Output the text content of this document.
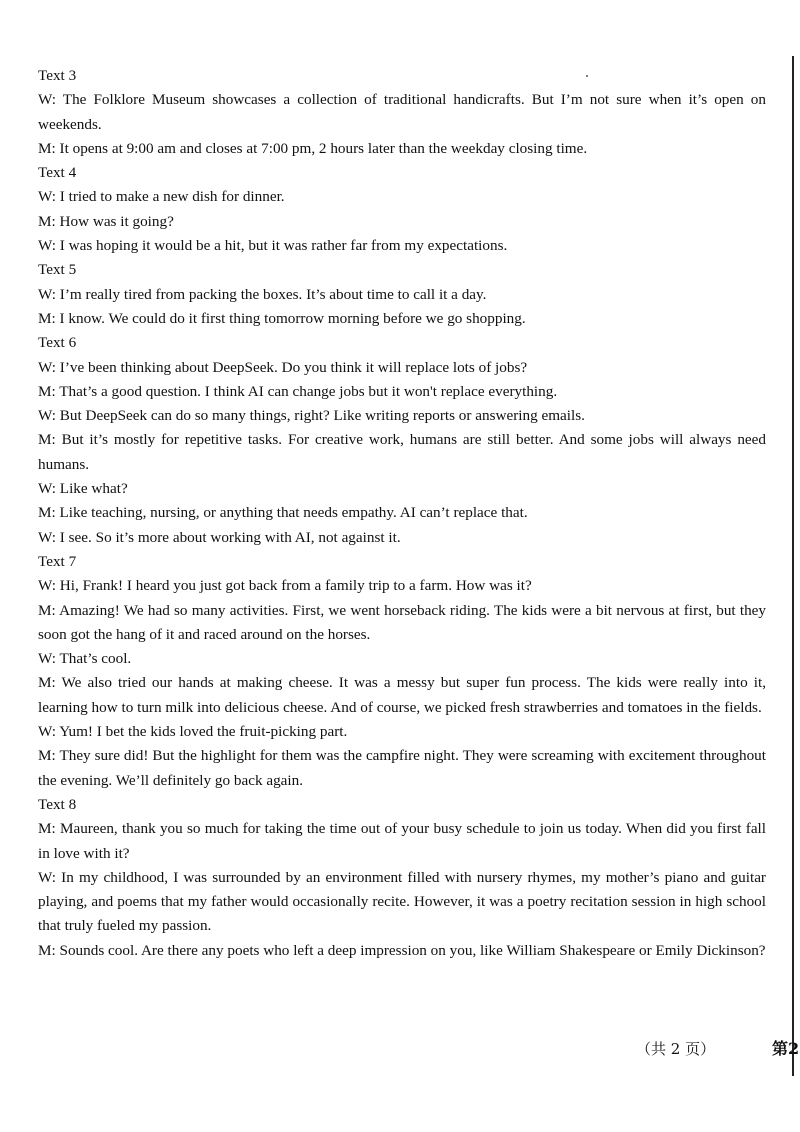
Text 3

W: The Folklore Museum showcases a collection of traditional handicrafts. But I’m not sure when it’s open on weekends.

M: It opens at 9:00 am and closes at 7:00 pm, 2 hours later than the weekday closing time.

Text 4

W: I tried to make a new dish for dinner.

M: How was it going?

W: I was hoping it would be a hit, but it was rather far from my expectations.

Text 5

W: I’m really tired from packing the boxes. It’s about time to call it a day.

M: I know. We could do it first thing tomorrow morning before we go shopping.

Text 6

W: I’ve been thinking about DeepSeek. Do you think it will replace lots of jobs?

M: That’s a good question. I think AI can change jobs but it won't replace everything.

W: But DeepSeek can do so many things, right? Like writing reports or answering emails.

M: But it’s mostly for repetitive tasks. For creative work, humans are still better. And some jobs will always need humans.

W: Like what?

M: Like teaching, nursing, or anything that needs empathy. AI can’t replace that.

W: I see. So it’s more about working with AI, not against it.

Text 7

W: Hi, Frank! I heard you just got back from a family trip to a farm. How was it?

M: Amazing! We had so many activities. First, we went horseback riding. The kids were a bit nervous at first, but they soon got the hang of it and raced around on the horses.

W: That’s cool.

M: We also tried our hands at making cheese. It was a messy but super fun process. The kids were really into it, learning how to turn milk into delicious cheese. And of course, we picked fresh strawberries and tomatoes in the fields.

W: Yum! I bet the kids loved the fruit-picking part.

M: They sure did! But the highlight for them was the campfire night. They were screaming with excitement throughout the evening. We’ll definitely go back again.

Text 8

M: Maureen, thank you so much for taking the time out of your busy schedule to join us today. When did you first fall in love with it?

W: In my childhood, I was surrounded by an environment filled with nursery rhymes, my mother’s piano and guitar playing, and poems that my father would occasionally recite. However, it was a poetry recitation session in high school that truly fueled my passion.

M: Sounds cool. Are there any poets who left a deep impression on you, like William Shakespeare or Emily Dickinson?

（共 2 页）	第2
